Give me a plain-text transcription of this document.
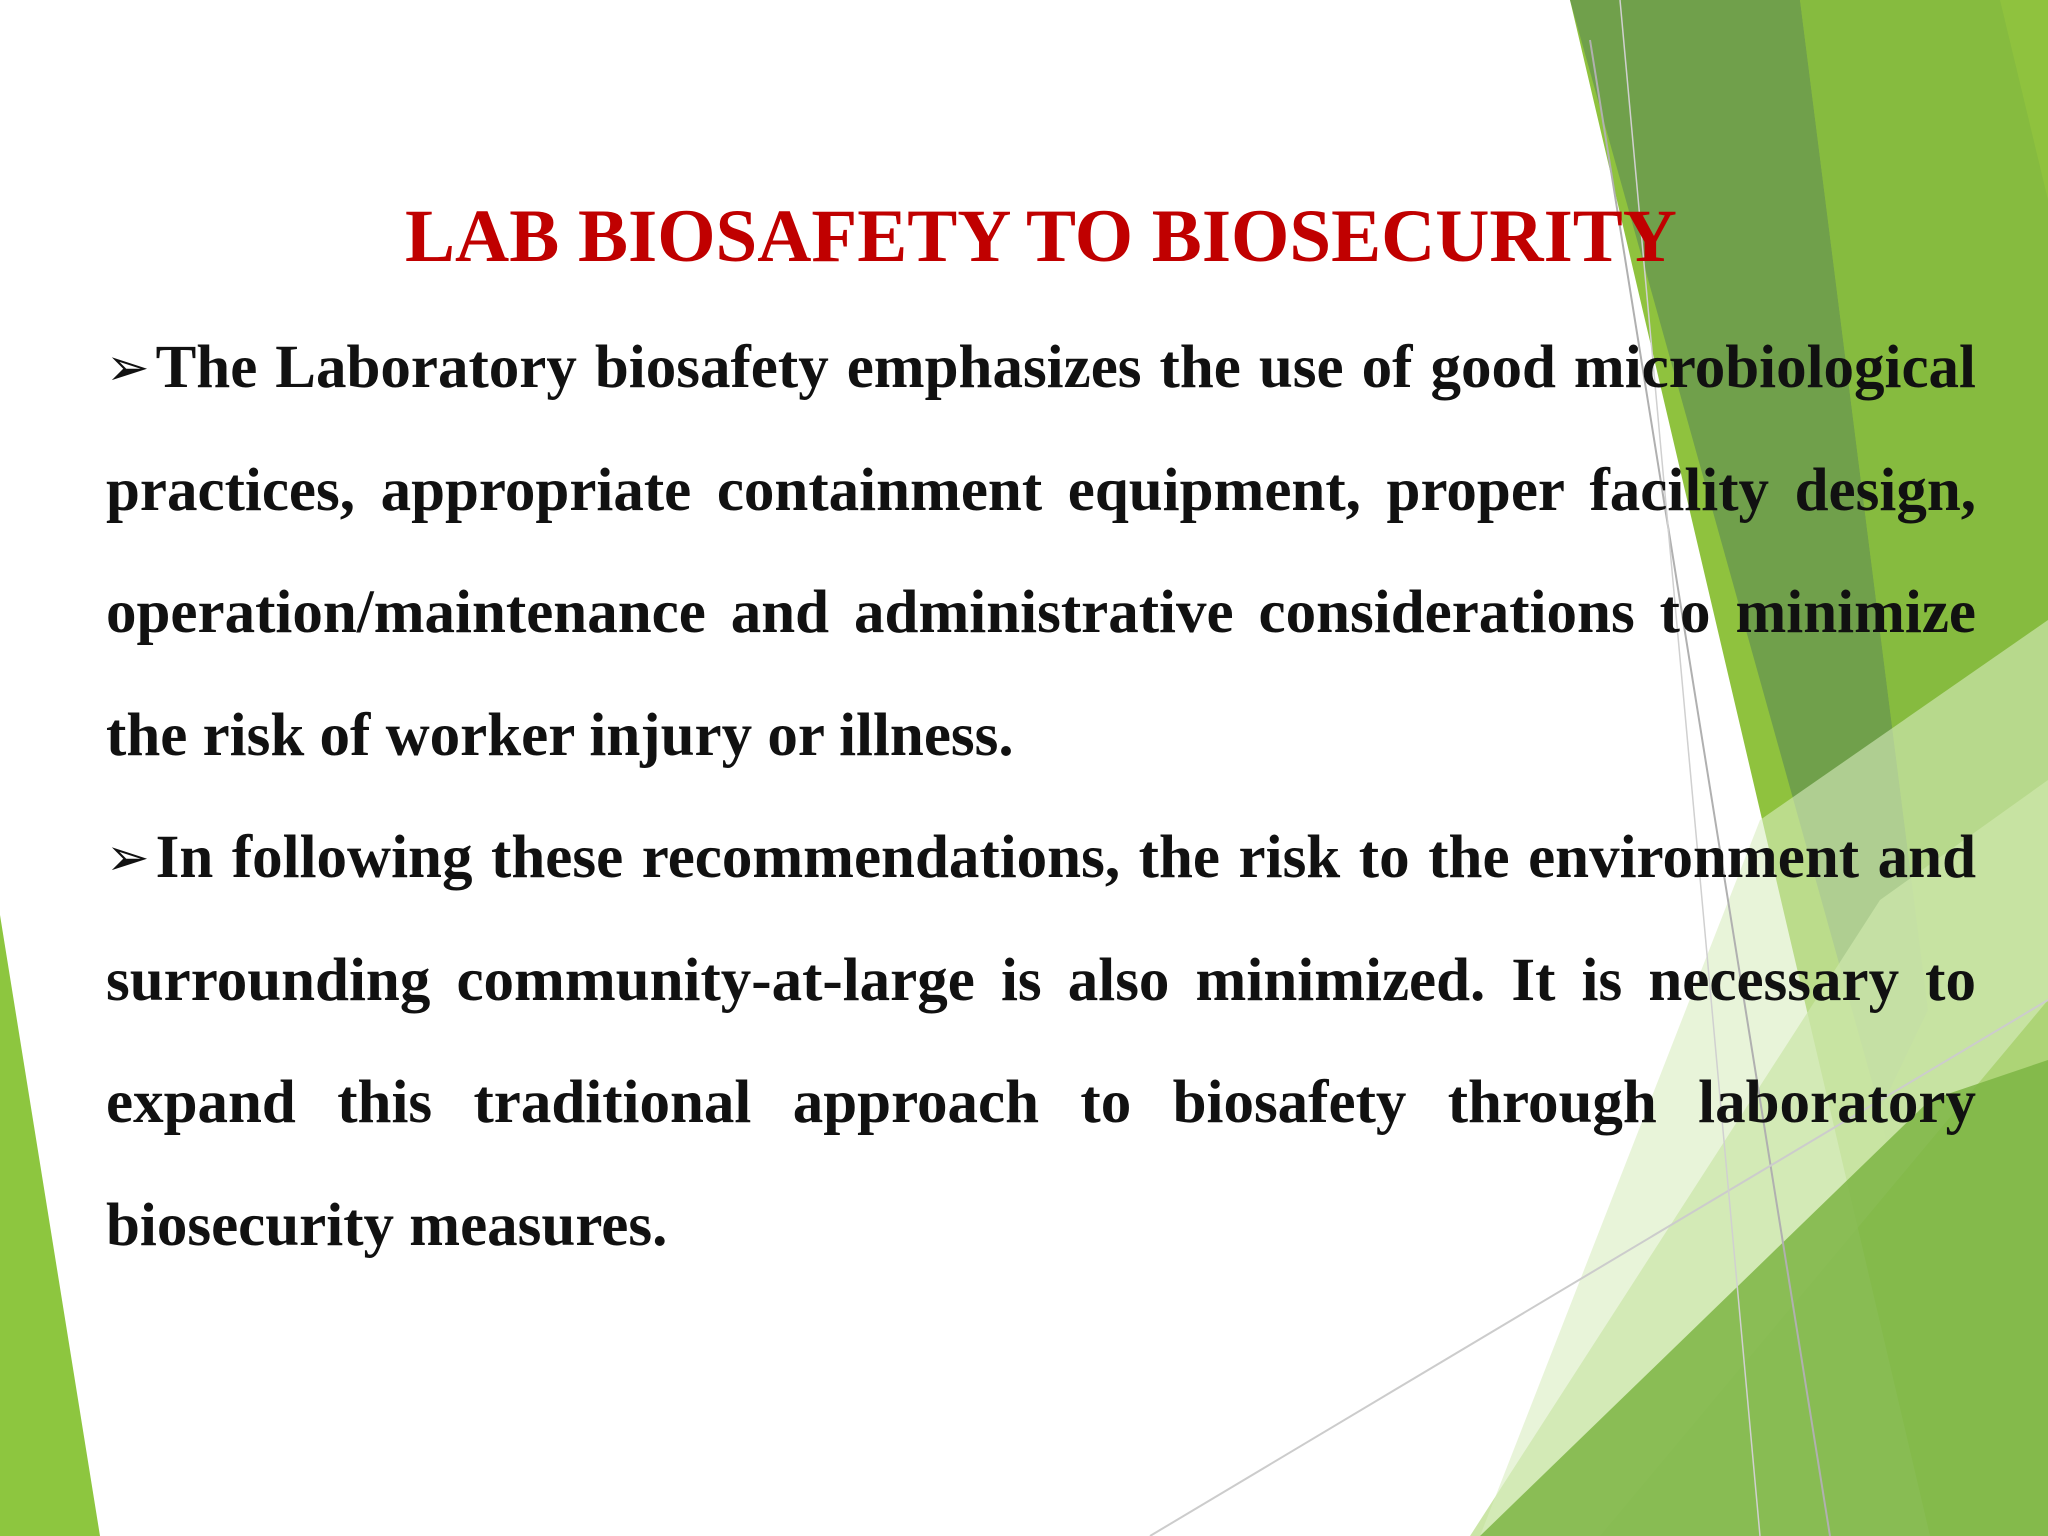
LAB BIOSAFETY TO BIOSECURITY

➢The Laboratory biosafety emphasizes the use of good microbiological practices, appropriate containment equipment, proper facility design, operation/maintenance and administrative considerations to minimize the risk of worker injury or illness.

➢In following these recommendations, the risk to the environment and surrounding community-at-large is also minimized. It is necessary to expand this traditional approach to biosafety through laboratory biosecurity measures.
